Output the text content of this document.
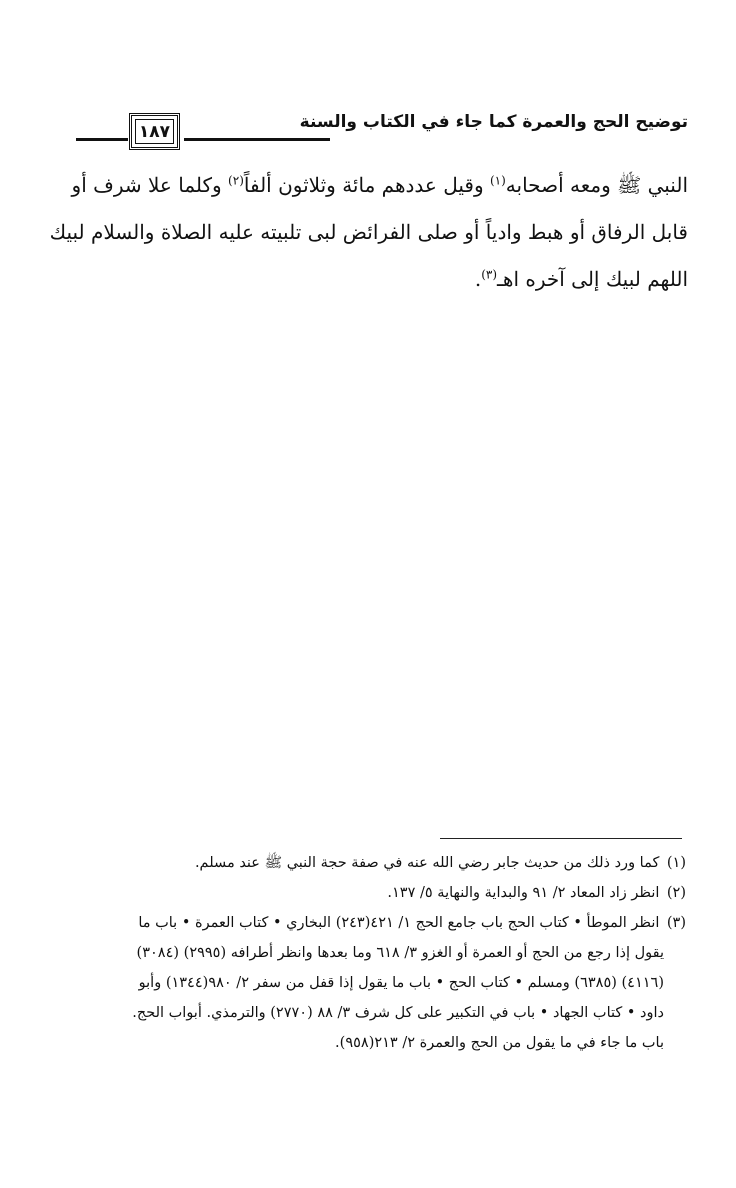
توضيح الحج والعمرة كما جاء في الكتاب والسنة
١٨٧
النبي ﷺ ومعه أصحابه$^{(١)}$ وقيل عددهم مائة وثلاثون ألفاً$^{(٢)}$ وكلما علا شرف أو
قابل الرفاق أو هبط وادياً أو صلى الفرائض لبى تلبيته عليه الصلاة والسلام لبيك
اللهم لبيك إلى آخره اهـ$^{(٣)}$.

(١) كما ورد ذلك من حديث جابر رضي الله عنه في صفة حجة النبي ﷺ عند مسلم.

(٢) انظر زاد المعاد ٢/ ٩١ والبداية والنهاية ٥/ ١٣٧.

(٣) انظر الموطأ • كتاب الحج باب جامع الحج ١/ ٤٢١(٢٤٣) البخاري • كتاب العمرة • باب ما
يقول إذا رجع من الحج أو العمرة أو الغزو ٣/ ٦١٨ وما بعدها وانظر أطرافه (٢٩٩٥) (٣٠٨٤)
(٤١١٦) (٦٣٨٥) ومسلم • كتاب الحج • باب ما يقول إذا قفل من سفر ٢/ ٩٨٠(١٣٤٤) وأبو
داود • كتاب الجهاد • باب في التكبير على كل شرف ٣/ ٨٨ (٢٧٧٠) والترمذي. أبواب الحج.
باب ما جاء في ما يقول من الحج والعمرة ٢/ ٢١٣(٩٥٨).
